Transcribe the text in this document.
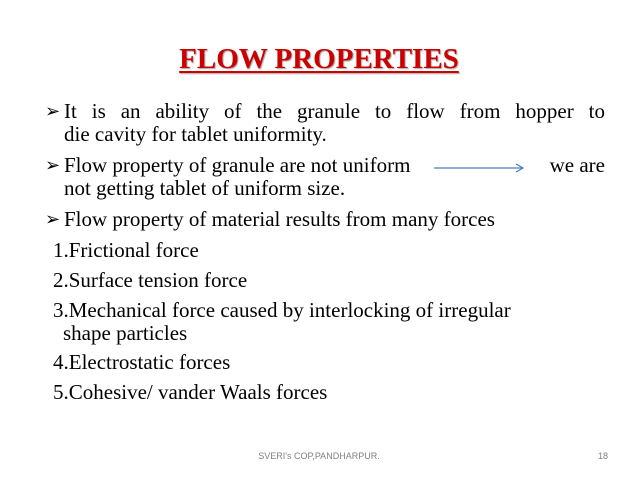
FLOW PROPERTIES
➢ It is an ability of the granule to flow from hopper to
die cavity for tablet uniformity.
➢ Flow property of granule are not uniform	we are
not getting tablet of uniform size.
➢ Flow property of material results from many forces
1.Frictional force
2.Surface tension force
3.Mechanical force caused by interlocking of irregular
shape particles
4.Electrostatic forces
5.Cohesive/ vander Waals forces
SVERI's COP,PANDHARPUR.	18
